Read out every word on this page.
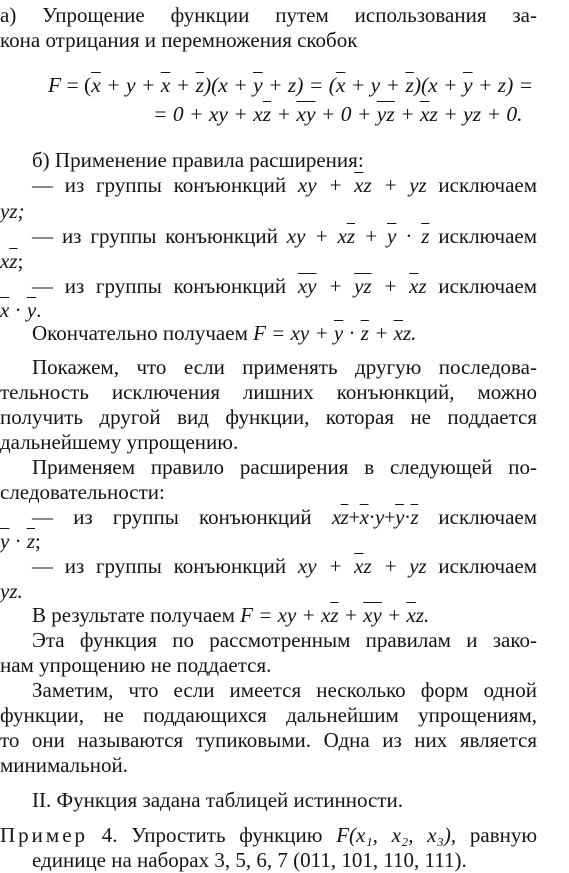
а) Упрощение функции путем использования за-
кона отрицания и перемножения скобок
$F = (\overline{x} + y + \overline{x} + \overline{z})(x + \overline{y} + z) = (\overline{x} + y + \overline{z})(x + \overline{y} + z)$ =
= 0 + xy + $x\overline{z} + \overline{x}\overline{y} + 0 + \overline{y}\overline{z} + \overline{x}z$ + yz + 0.
б) Применение правила расширения:
— из группы конъюнкций xy + $\overline{x}z$ + yz исключаем
yz;
— из группы конъюнкций xy + $x\overline{z} + \overline{y} \cdot \overline{z}$ исключаем
$x\overline{z}$;
— из группы конъюнкций $\overline{x}\overline{y} + \overline{y}\overline{z} + \overline{x}z$ исключаем
$\overline{x} \cdot \overline{y}$.
Окончательно получаем F = xy + $\overline{y} \cdot \overline{z} + \overline{x}z$.
Покажем, что если применять другую последова-
тельность исключения лишних конъюнкций, можно
получить другой вид функции, которая не поддается
дальнейшему упрощению.
Применяем правило расширения в следующей по-
следовательности:
— из группы конъюнкций $x\overline{z}+\overline{x}\cdot y+\overline{y}\cdot\overline{z}$ исключаем
$\overline{y} \cdot \overline{z}$;
— из группы конъюнкций xy + $\overline{x}z$ + yz исключаем
yz.
В результате получаем F = xy + $x\overline{z} + \overline{x}\overline{y} + \overline{x}z$.
Эта функция по рассмотренным правилам и зако-
нам упрощению не поддается.
Заметим, что если имеется несколько форм одной
функции, не поддающихся дальнейшим упрощениям,
то они называются тупиковыми. Одна из них является
минимальной.
II. Функция задана таблицей истинности.
Пример 4. Упростить функцию F(x₁, x₂, x₃), равную
единице на наборах 3, 5, 6, 7 (011, 101, 110, 111).
